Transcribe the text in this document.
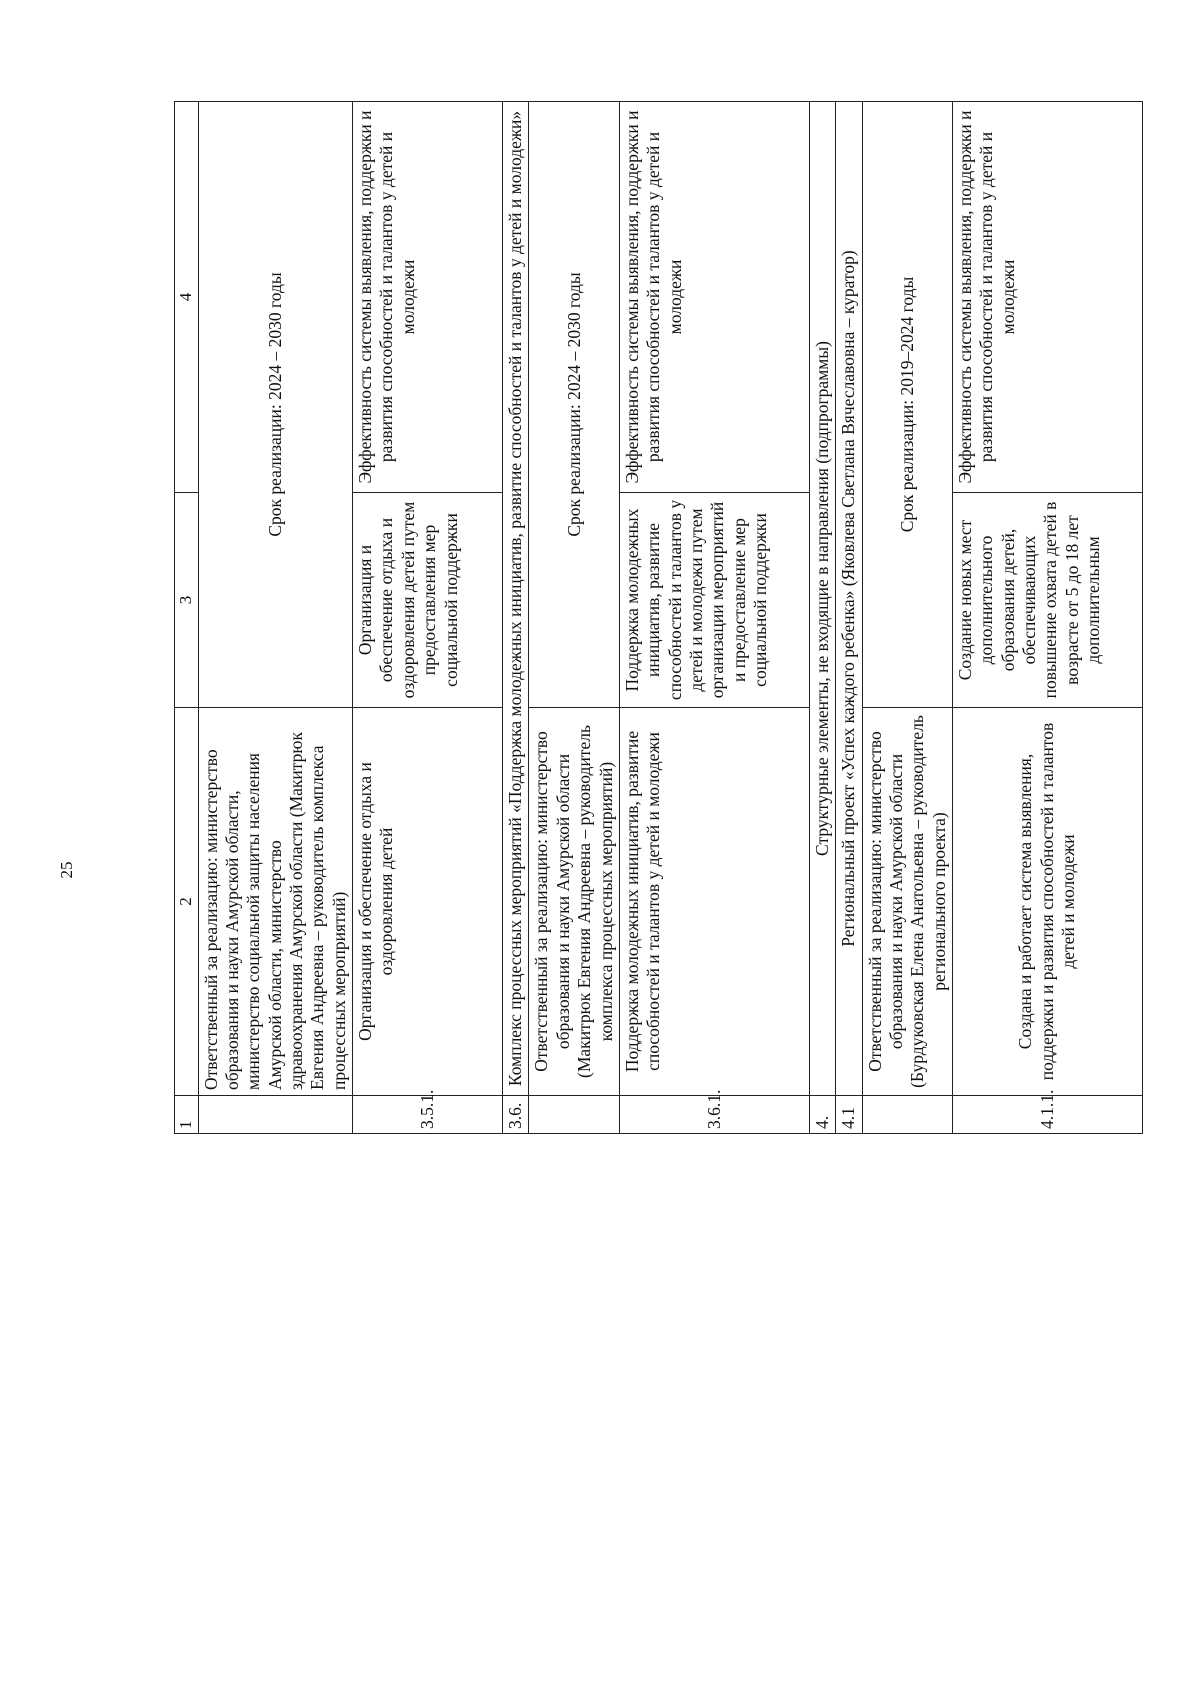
25
1	2	3	4
	Ответственный за реализацию: министерство образования и науки Амурской области, министерство социальной защиты населения Амурской области, министерство здравоохранения Амурской области (Макитрюк Евгения Андреевна – руководитель комплекса процессных мероприятий)	Срок реализации: 2024 – 2030 годы	
3.5.1.	Организация и обеспечение отдыха и оздоровления детей	Организация и обеспечение отдыха и оздоровления детей путем предоставления мер социальной поддержки	Эффективность системы выявления, поддержки и развития способностей и талантов у детей и молодежи
3.6.	Комплекс процессных мероприятий «Поддержка молодежных инициатив, развитие способностей и талантов у детей и молодежи»		
	Ответственный за реализацию: министерство образования и науки Амурской области (Макитрюк Евгения Андреевна – руководитель комплекса процессных мероприятий)	Срок реализации: 2024 – 2030 годы	
3.6.1.	Поддержка молодежных инициатив, развитие способностей и талантов у детей и молодежи	Поддержка молодежных инициатив, развитие способностей и талантов у детей и молодежи путем организации мероприятий и предоставление мер социальной поддержки	Эффективность системы выявления, поддержки и развития способностей и талантов у детей и молодежи
4.	Структурные элементы, не входящие в направления (подпрограммы)		
4.1	Региональный проект «Успех каждого ребенка» (Яковлева Светлана Вячеславовна – куратор)		
	Ответственный за реализацию: министерство образования и науки Амурской области (Бурдуковская Елена Анатольевна – руководитель регионального проекта)	Срок реализации: 2019–2024 годы	
4.1.1.	Создана и работает система выявления, поддержки и развития способностей и талантов детей и молодежи	Создание новых мест дополнительного образования детей, обеспечивающих повышение охвата детей в возрасте от 5 до 18 лет дополнительным	Эффективность системы выявления, поддержки и развития способностей и талантов у детей и молодежи
